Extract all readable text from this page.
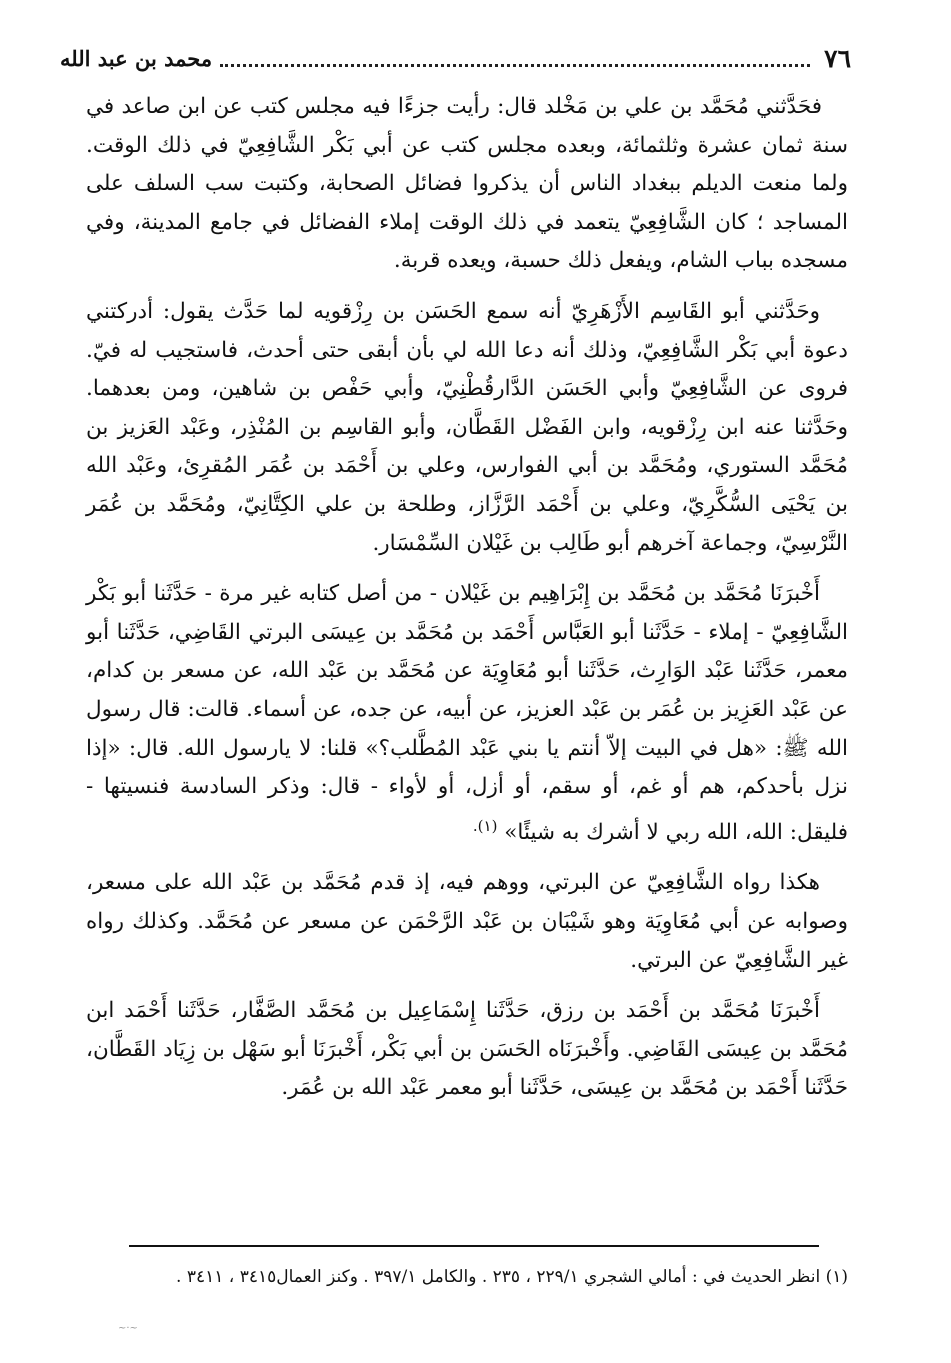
٧٦
محمد بن عبد الله

فحَدَّثني مُحَمَّد بن علي بن مَخْلد قال: رأيت جزءًا فيه مجلس كتب عن ابن صاعد في سنة ثمان عشرة وثلثمائة، وبعده مجلس كتب عن أبي بَكْر الشَّافِعِيّ في ذلك الوقت. ولما منعت الديلم ببغداد الناس أن يذكروا فضائل الصحابة، وكتبت سب السلف على المساجد ؛ كان الشَّافِعِيّ يتعمد في ذلك الوقت إملاء الفضائل في جامع المدينة، وفي مسجده بباب الشام، ويفعل ذلك حسبة، ويعده قربة.

وحَدَّثني أبو القَاسِم الأَزْهَرِيّ أنه سمع الحَسَن بن رِزْقويه لما حَدَّث يقول: أدركتني دعوة أبي بَكْر الشَّافِعِيّ، وذلك أنه دعا الله لي بأن أبقى حتى أحدث، فاستجيب له فيّ. فروى عن الشَّافِعِيّ وأبي الحَسَن الدَّارقُطْنِيّ، وأبي حَفْص بن شاهين، ومن بعدهما. وحَدَّثنا عنه ابن رِزْقويه، وابن الفَضْل القَطَّان، وأبو القاسِم بن المُنْذِر، وعَبْد العَزيز بن مُحَمَّد الستوري، ومُحَمَّد بن أبي الفوارس، وعلي بن أَحْمَد بن عُمَر المُقرِئ، وعَبْد الله بن يَحْيَى السُّكَّرِيّ، وعلي بن أَحْمَد الرَّزَّاز، وطلحة بن علي الكِتَّانِيّ، ومُحَمَّد بن عُمَر النَّرْسِيّ، وجماعة آخرهم أبو طَالِب بن غَيْلان السِّمْسَار.

أَخْبرَنَا مُحَمَّد بن مُحَمَّد بن إِبْرَاهِيم بن غَيْلان - من أصل كتابه غير مرة - حَدَّثَنا أبو بَكْر الشَّافِعِيّ - إملاء - حَدَّثَنا أبو العَبَّاس أَحْمَد بن مُحَمَّد بن عِيسَى البرتي القَاضِي، حَدَّثَنا أبو معمر، حَدَّثَنا عَبْد الوَارِث، حَدَّثَنا أبو مُعَاوِيَة عن مُحَمَّد بن عَبْد الله، عن مسعر بن كدام، عن عَبْد العَزِيز بن عُمَر بن عَبْد العزيز، عن أبيه، عن جده، عن أسماء. قالت: قال رسول الله ﷺ: «هل في البيت إلاّ أنتم يا بني عَبْد المُطَّلب؟» قلنا: لا يارسول الله. قال: «إذا نزل بأحدكم، هم أو غم، أو سقم، أو أزل، أو لأواء - قال: وذكر السادسة فنسيتها - فليقل: الله، الله ربي لا أشرك به شيئًا» $^{(١).}$

هكذا رواه الشَّافِعِيّ عن البرتي، ووهم فيه، إذ قدم مُحَمَّد بن عَبْد الله على مسعر، وصوابه عن أبي مُعَاوِيَة وهو شَيْبَان بن عَبْد الرَّحْمَن عن مسعر عن مُحَمَّد. وكذلك رواه غير الشَّافِعِيّ عن البرتي.

أَخْبرَنَا مُحَمَّد بن أَحْمَد بن رزق، حَدَّثَنا إِسْمَاعِيل بن مُحَمَّد الصَّفَّار، حَدَّثَنا أَحْمَد ابن مُحَمَّد بن عِيسَى القَاضِي. وأَخْبرَنَاه الحَسَن بن أبي بَكْر، أَخْبرَنَا أبو سَهْل بن زِيَاد القَطَّان، حَدَّثَنا أَحْمَد بن مُحَمَّد بن عِيسَى، حَدَّثَنا أبو معمر عَبْد الله بن عُمَر.

(١) انظر الحديث في : أمالي الشجري ٢٢٩/١ ، ٢٣٥ . والكامل ٣٩٧/١ . وكنز العمال٣٤١٥ ، ٣٤١١ .
~·~
